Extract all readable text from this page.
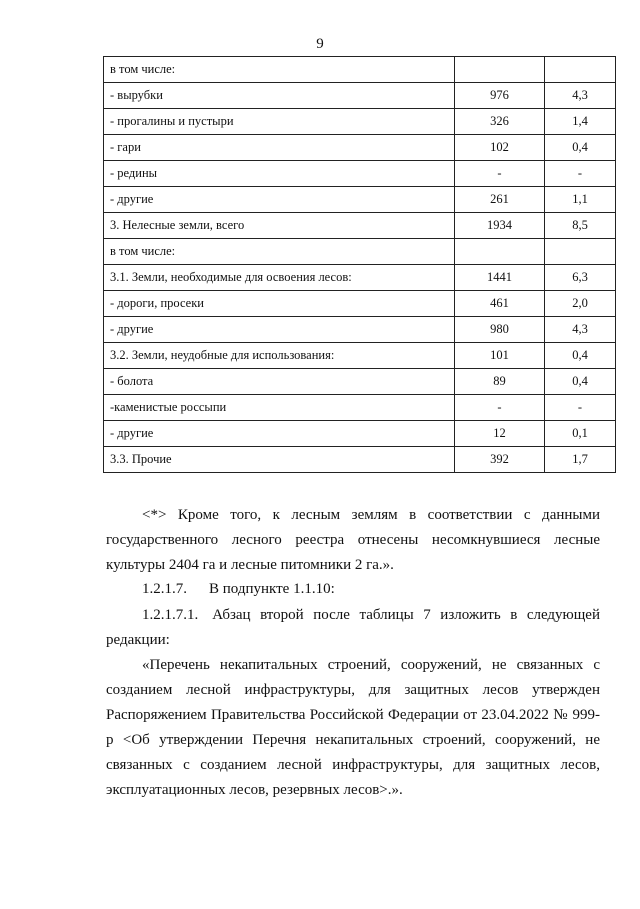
9
в том числе:		
- вырубки	976	4,3
- прогалины и пустыри	326	1,4
- гари	102	0,4
- редины	-	-
- другие	261	1,1
3. Нелесные земли, всего	1934	8,5
в том числе:		
3.1. Земли, необходимые для освоения лесов:	1441	6,3
- дороги, просеки	461	2,0
- другие	980	4,3
3.2. Земли, неудобные для использования:	101	0,4
- болота	89	0,4
-каменистые россыпи	-	-
- другие	12	0,1
3.3. Прочие	392	1,7

<*> Кроме того, к лесным землям в соответствии с данными государственного лесного реестра отнесены несомкнувшиеся лесные культуры 2404 га и лесные питомники 2 га.».

1.2.1.7. В подпункте 1.1.10:

1.2.1.7.1. Абзац второй после таблицы 7 изложить в следующей редакции:

«Перечень некапитальных строений, сооружений, не связанных с созданием лесной инфраструктуры, для защитных лесов утвержден Распоряжением Правительства Российской Федерации от 23.04.2022 № 999-р <Об утверждении Перечня некапитальных строений, сооружений, не связанных с созданием лесной инфраструктуры, для защитных лесов, эксплуатационных лесов, резервных лесов>.».
